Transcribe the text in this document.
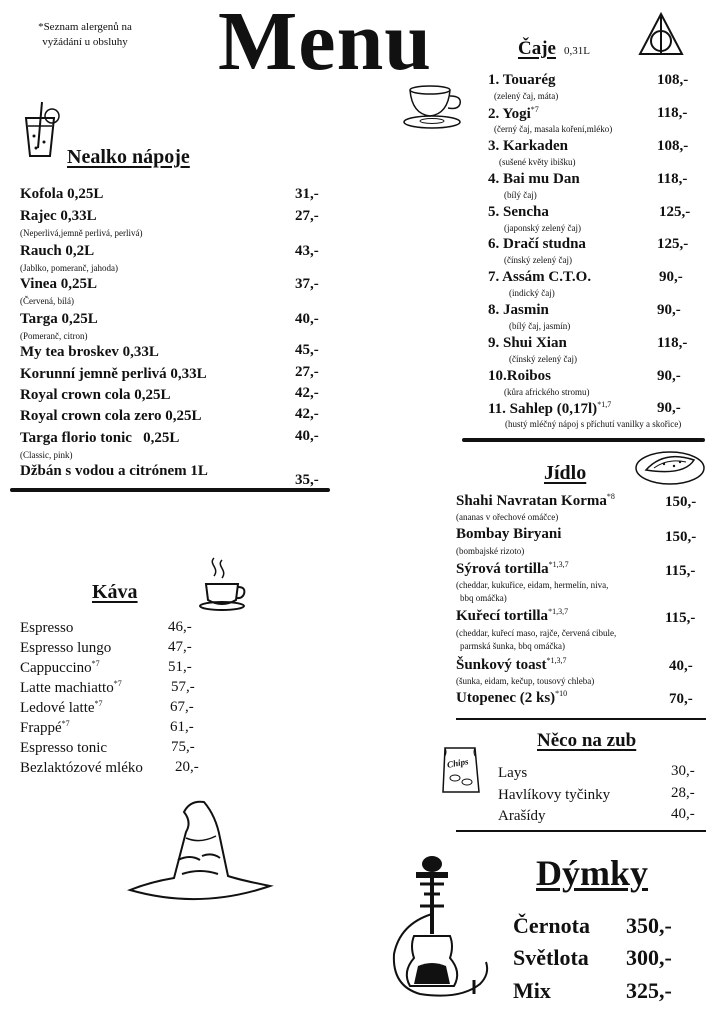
*Seznam alergenů na vyžádání u obsluhy Menu
Nealko nápoje
Kofola 0,25L	31,-
Rajec 0,33L	27,-
(Neperlivá,jemně perlivá, perlivá)
Rauch 0,2L	43,-
(Jablko, pomeranč, jahoda)
Vinea 0,25L	37,-
(Červená, bílá)
Targa 0,25L	40,-
(Pomeranč, citron)
My tea broskev 0,33L	45,-
Korunní jemně perlivá 0,33L	27,-
Royal crown cola 0,25L	42,-
Royal crown cola zero 0,25L	42,-
Targa florio tonic   0,25L	40,-
(Classic, pink)
Džbán s vodou a citrónem 1L
35,-
Káva
Espresso	46,-
Espresso lungo	47,-
Cappuccino$^{*7}$	51,-
Latte machiatto$^{*7}$	57,-
Ledové latte$^{*7}$	67,-
Frappé$^{*7}$	61,-
Espresso tonic	75,-
Bezlaktózové mléko 20,-
Čaje 0,31L
1. Touarég	108,-
(zelený čaj, máta)
2. Yogi$^{*7}$	118,-
(černý čaj, masala koření,mléko)
3. Karkaden	108,-
(sušené květy ibišku)
4. Bai mu Dan	118,-
(bílý čaj)
5. Sencha	125,-
(japonský zelený čaj)
6. Dračí studna	125,-
(čínský zelený čaj)
7. Assám C.T.O.	90,-
(indický čaj)
8. Jasmin	90,-
(bílý čaj, jasmín)
9. Shui Xian	118,-
(čínský zelený čaj)
10.Roibos	90,-
(kůra afrického stromu)
11. Sahlep $(0,17l)^{*1,7}$	90,-
(hustý mléčný nápoj s příchutí vanilky a skořice)
Jídlo
Shahi Navratan Korma$^{*8}$	150,-
(ananas v ořechové omáčce)
Bombay Biryani	150,-
(bombajské rizoto)
Sýrová tortilla$^{*1,3,7}$	115,-
(cheddar, kukuřice, eidam, hermelín, niva,
bbq omáčka)
Kuřecí tortilla$^{*1,3,7}$	115,-
(cheddar, kuřecí maso, rajče, červená cibule,
parmská šunka, bbq omáčka)
Šunkový toast$^{*1,3,7}$	40,-
(šunka, eidam, kečup, tousový chleba)
Utopenec (2 ks)$^{*10}$	70,-
Něco na zub
Chips
Lays	30,-
Havlíkovy tyčinky	28,-
Arašídy	40,-
Dýmky
Černota 350,-
Světlota 300,-
Mix	325,-
